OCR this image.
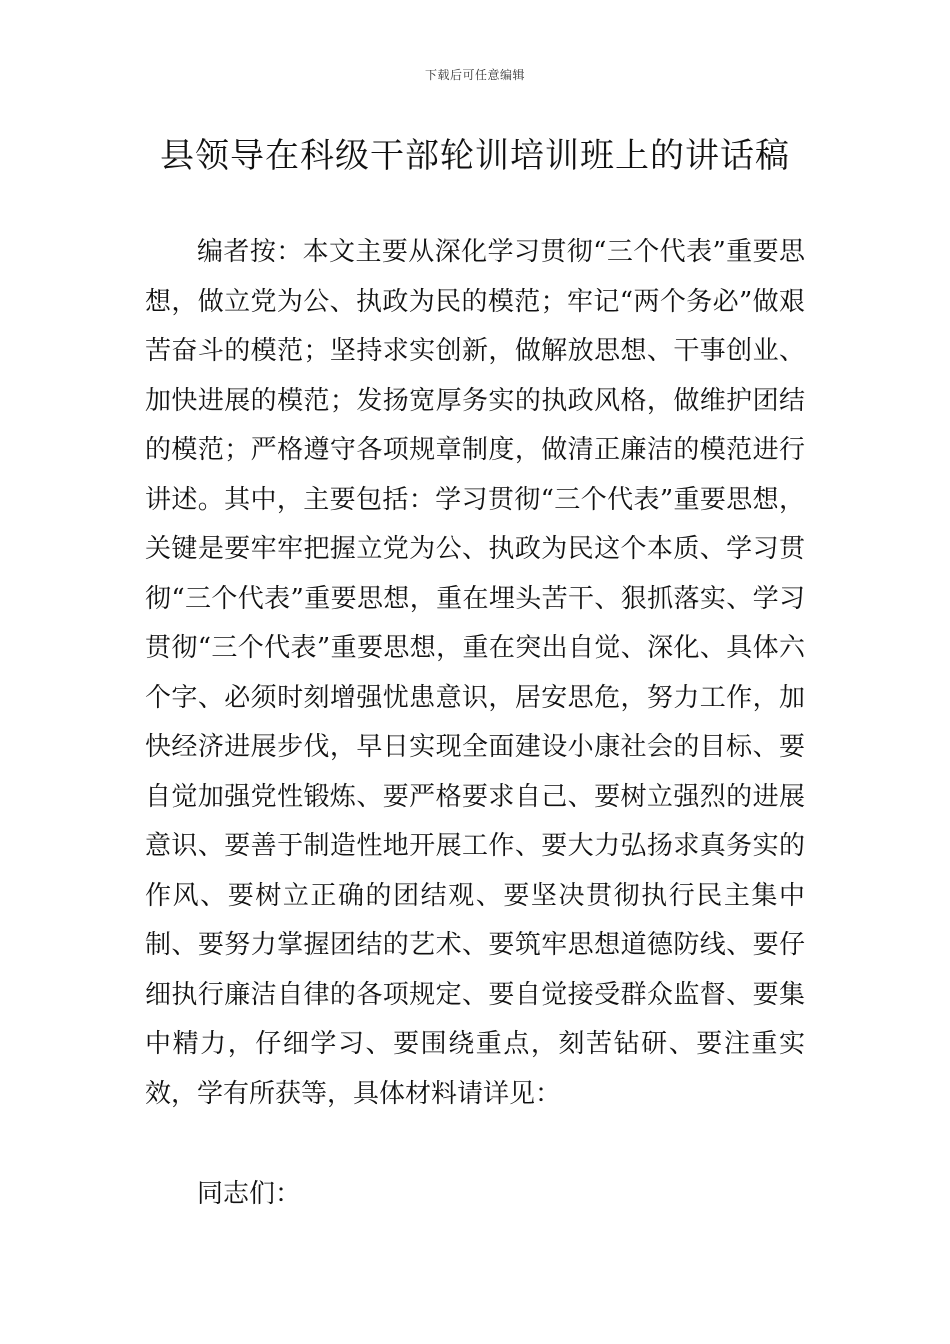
下载后可任意编辑
县领导在科级干部轮训培训班上的讲话稿

编者按：本文主要从深化学习贯彻“三个代表”重要思想，做立党为公、执政为民的模范；牢记“两个务必”做艰苦奋斗的模范；坚持求实创新，做解放思想、干事创业、加快进展的模范；发扬宽厚务实的执政风格，做维护团结的模范；严格遵守各项规章制度，做清正廉洁的模范进行讲述。其中，主要包括：学习贯彻“三个代表”重要思想，关键是要牢牢把握立党为公、执政为民这个本质、学习贯彻“三个代表”重要思想，重在埋头苦干、狠抓落实、学习贯彻“三个代表”重要思想，重在突出自觉、深化、具体六个字、必须时刻增强忧患意识，居安思危，努力工作，加快经济进展步伐，早日实现全面建设小康社会的目标、要自觉加强党性锻炼、要严格要求自己、要树立强烈的进展意识、要善于制造性地开展工作、要大力弘扬求真务实的作风、要树立正确的团结观、要坚决贯彻执行民主集中制、要努力掌握团结的艺术、要筑牢思想道德防线、要仔细执行廉洁自律的各项规定、要自觉接受群众监督、要集中精力，仔细学习、要围绕重点，刻苦钻研、要注重实效，学有所获等，具体材料请详见：

同志们：
